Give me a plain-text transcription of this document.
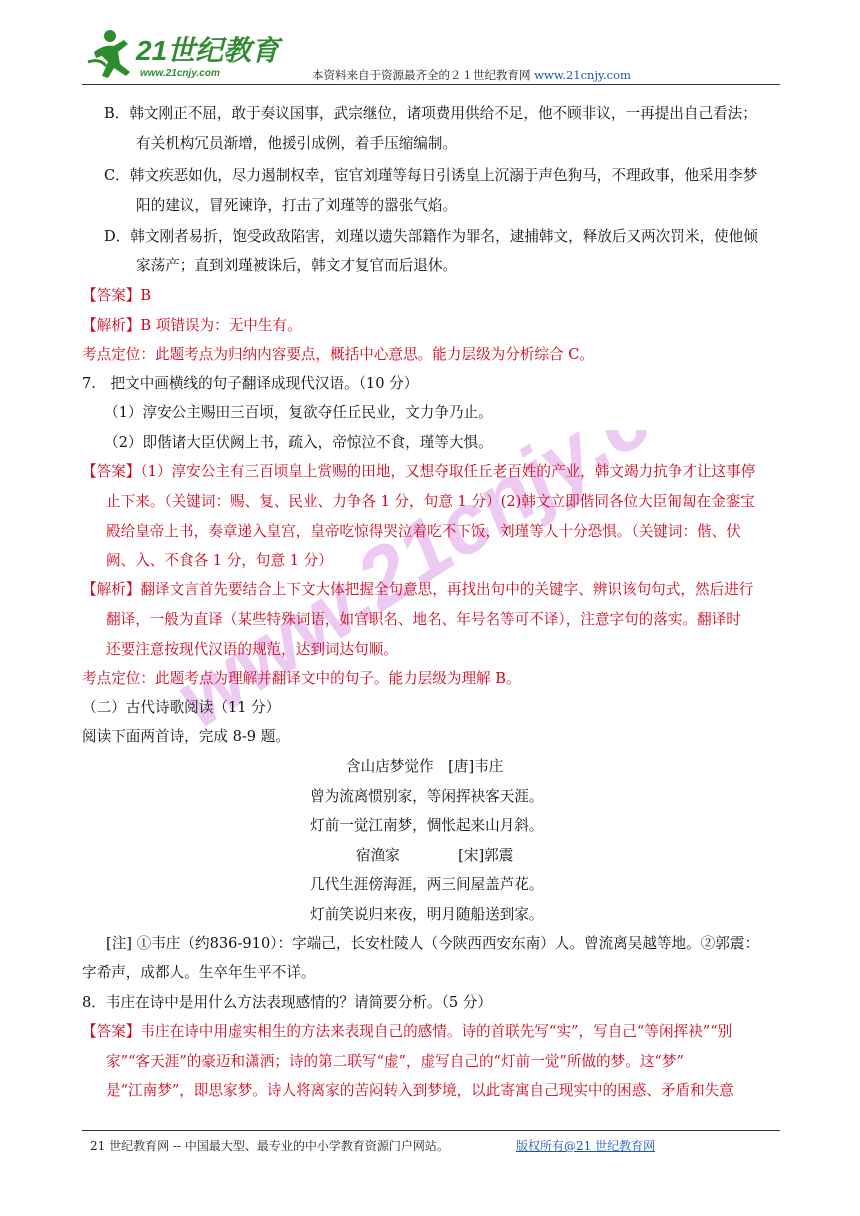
21世纪教育
www.21cnjy.com	本资料来自于资源最齐全的２１世纪教育网 www.21cnjy.com
www.21cnjy.com
B．韩文刚正不屈，敢于奏议国事，武宗继位，诸项费用供给不足，他不顾非议，一再提出自己看法；
有关机构冗员渐增，他援引成例，着手压缩编制。
C．韩文疾恶如仇，尽力遏制权幸，宦官刘瑾等每日引诱皇上沉溺于声色狗马，不理政事，他采用李梦
阳的建议，冒死谏诤，打击了刘瑾等的嚣张气焰。
D．韩文刚者易折，饱受政敌陷害，刘瑾以遗失部籍作为罪名，逮捕韩文，释放后又两次罚米，使他倾
家荡产；直到刘瑾被诛后，韩文才复官而后退休。
【答案】B
【解析】B 项错误为：无中生有。
考点定位：此题考点为归纳内容要点，概括中心意思。能力层级为分析综合 C。
7.　把文中画横线的句子翻译成现代汉语。（10 分）
（1）淳安公主赐田三百顷，复欲夺任丘民业，文力争乃止。
（2）即偕诸大臣伏阙上书，疏入，帝惊泣不食，瑾等大惧。
【答案】（1）淳安公主有三百顷皇上赏赐的田地，又想夺取任丘老百姓的产业，韩文竭力抗争才让这事停
止下来。（关键词：赐、复、民业、力争各 1 分，句意 1 分）(2)韩文立即偕同各位大臣匍匐在金銮宝
殿给皇帝上书，奏章递入皇宫，皇帝吃惊得哭泣着吃不下饭，刘瑾等人十分恐惧。（关键词：偕、伏
阙、入、不食各 1 分，句意 1 分）
【解析】翻译文言首先要结合上下文大体把握全句意思，再找出句中的关键字、辨识该句句式，然后进行
翻译，一般为直译（某些特殊词语，如官职名、地名、年号名等可不译），注意字句的落实。翻译时
还要注意按现代汉语的规范，达到词达句顺。
考点定位：此题考点为理解并翻译文中的句子。能力层级为理解 B。
（二）古代诗歌阅读（11 分）
阅读下面两首诗，完成 8-9 题。
含山店梦觉作　[唐]韦庄
曾为流离惯别家，等闲挥袂客天涯。
灯前一觉江南梦，惆怅起来山月斜。
宿渔家　　　　[宋]郭震
几代生涯傍海涯，两三间屋盖芦花。
灯前笑说归来夜，明月随船送到家。
[注] ①韦庄（约836-910）：字端己，长安杜陵人（今陕西西安东南）人。曾流离吴越等地。②郭震：
字希声，成都人。生卒年生平不详。
8．韦庄在诗中是用什么方法表现感情的？请简要分析。（5 分）
【答案】韦庄在诗中用虚实相生的方法来表现自己的感情。诗的首联先写“实”，写自己“等闲挥袂”“别
家”“客天涯”的豪迈和潇洒；诗的第二联写“虚”，虚写自己的“灯前一觉”所做的梦。这“梦”
是“江南梦”，即思家梦。诗人将离家的苦闷转入到梦境，以此寄寓自己现实中的困惑、矛盾和失意
21 世纪教育网 -- 中国最大型、最专业的中小学教育资源门户网站。	版权所有@21 世纪教育网
